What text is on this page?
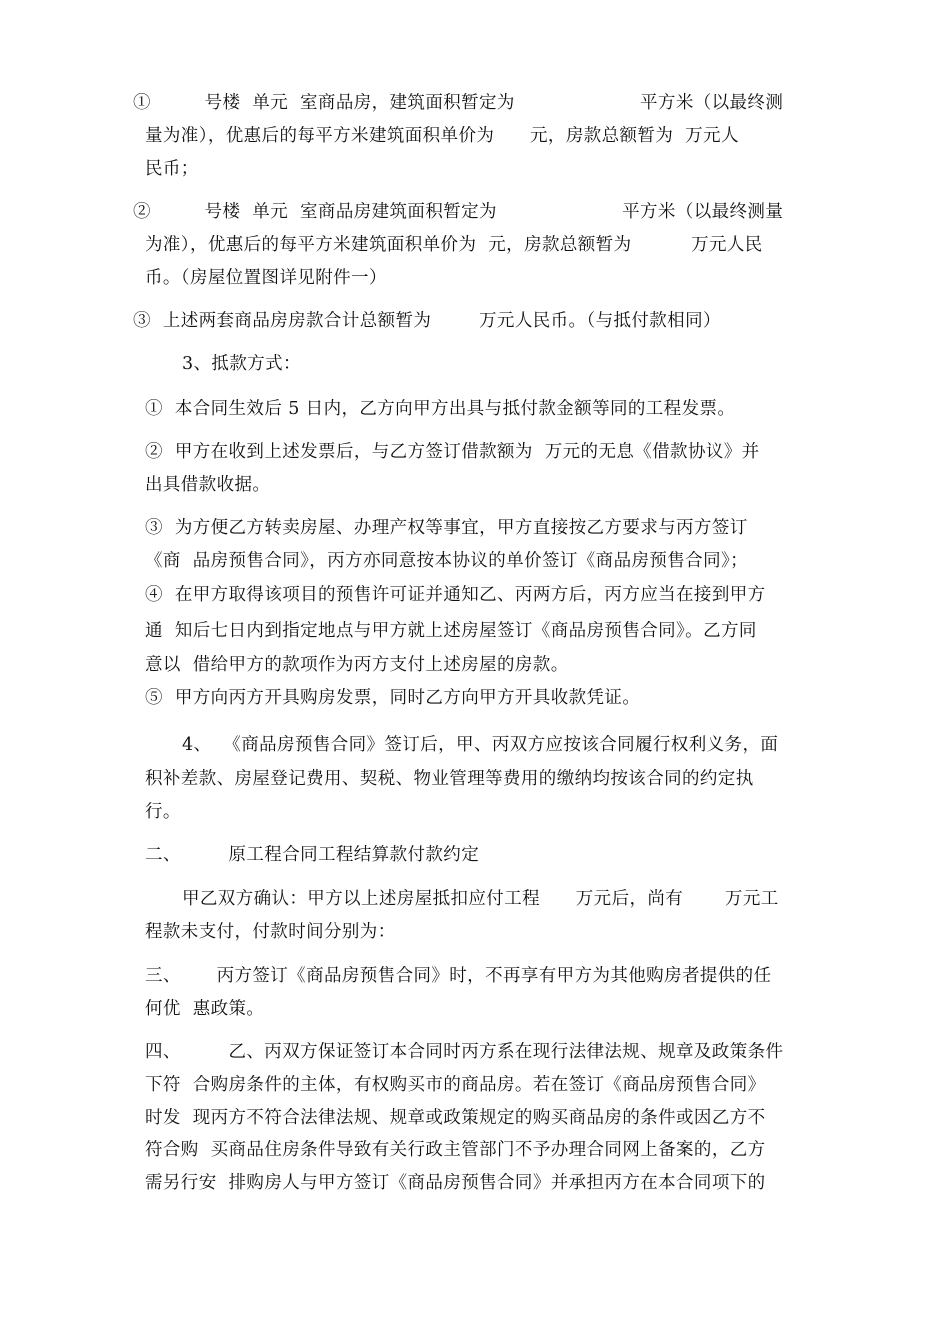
①         号楼  单元  室商品房，建筑面积暂定为                     平方米（以最终测
量为准），优惠后的每平方米建筑面积单价为      元，房款总额暂为  万元人
民币；
②         号楼  单元  室商品房建筑面积暂定为                     平方米（以最终测量
为准），优惠后的每平方米建筑面积单价为  元，房款总额暂为          万元人民
币。（房屋位置图详见附件一）
③  上述两套商品房房款合计总额暂为        万元人民币。（与抵付款相同）
3、抵款方式：
①  本合同生效后 5 日内，乙方向甲方出具与抵付款金额等同的工程发票。
②  甲方在收到上述发票后，与乙方签订借款额为  万元的无息《借款协议》并
出具借款收据。
③  为方便乙方转卖房屋、办理产权等事宜，甲方直接按乙方要求与丙方签订
《商  品房预售合同》，丙方亦同意按本协议的单价签订《商品房预售合同》；
④  在甲方取得该项目的预售许可证并通知乙、丙两方后，丙方应当在接到甲方
通  知后七日内到指定地点与甲方就上述房屋签订《商品房预售合同》。乙方同
意以  借给甲方的款项作为丙方支付上述房屋的房款。
⑤  甲方向丙方开具购房发票，同时乙方向甲方开具收款凭证。
4、  《商品房预售合同》签订后，甲、丙双方应按该合同履行权利义务，面
积补差款、房屋登记费用、契税、物业管理等费用的缴纳均按该合同的约定执
行。
二、        原工程合同工程结算款付款约定
甲乙双方确认：甲方以上述房屋抵扣应付工程      万元后，尚有       万元工
程款未支付，付款时间分别为：
三、      丙方签订《商品房预售合同》时，不再享有甲方为其他购房者提供的任
何优  惠政策。
四、        乙、丙双方保证签订本合同时丙方系在现行法律法规、规章及政策条件
下符  合购房条件的主体，有权购买市的商品房。若在签订《商品房预售合同》
时发  现丙方不符合法律法规、规章或政策规定的购买商品房的条件或因乙方不
符合购  买商品住房条件导致有关行政主管部门不予办理合同网上备案的，乙方
需另行安  排购房人与甲方签订《商品房预售合同》并承担丙方在本合同项下的
